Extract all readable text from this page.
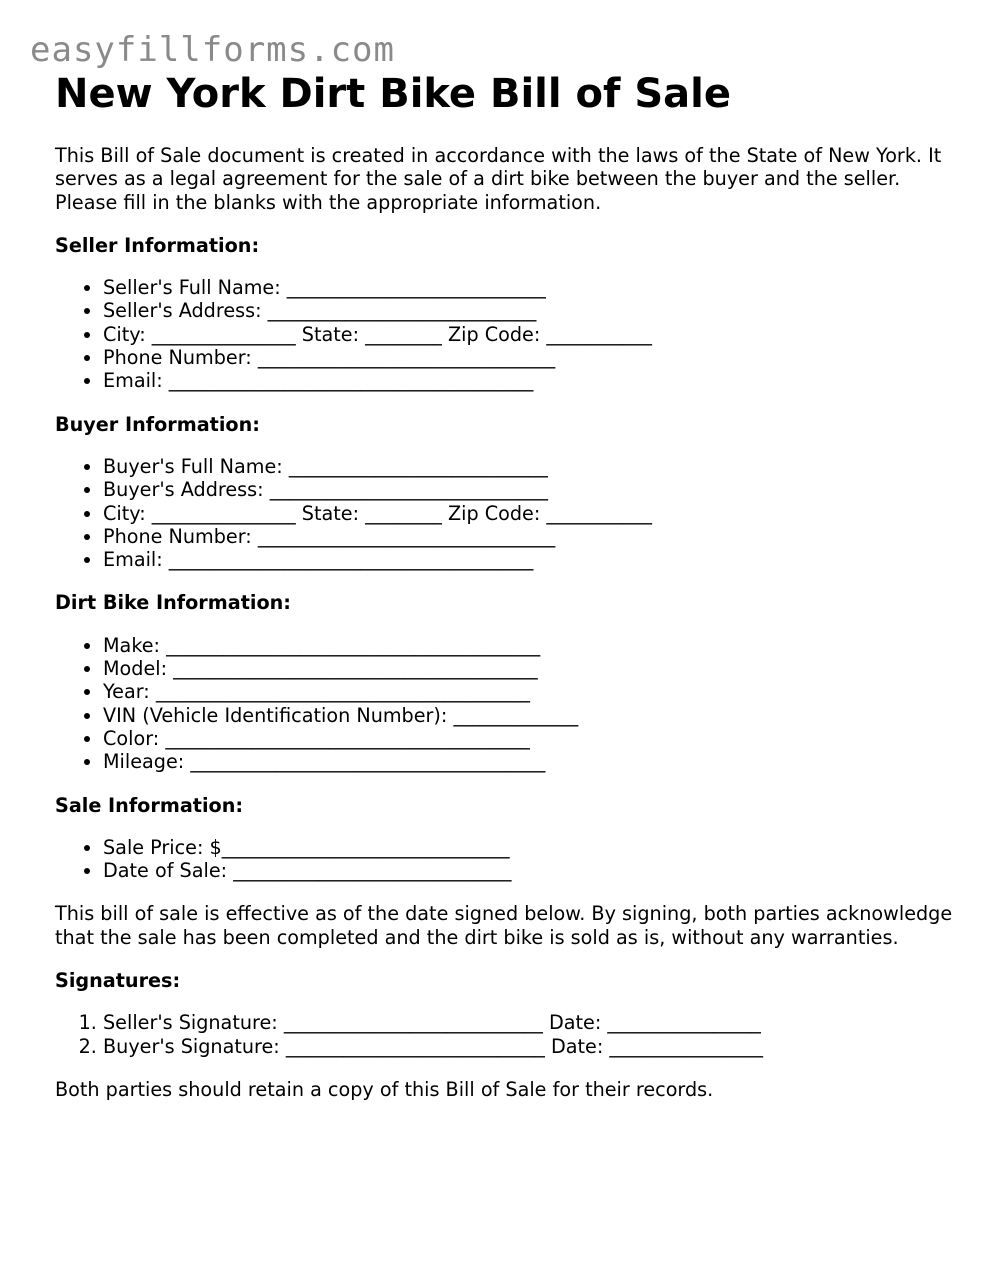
easyfillforms.com
New York Dirt Bike Bill of Sale

This Bill of Sale document is created in accordance with the laws of the State of New York. It serves as a legal agreement for the sale of a dirt bike between the buyer and the seller. Please fill in the blanks with the appropriate information.

Seller Information:
• Seller's Full Name: ___________________________
• Seller's Address: ____________________________
• City: _______________ State: ________ Zip Code: ___________
• Phone Number: _______________________________
• Email: ______________________________________
Buyer Information:
• Buyer's Full Name: ___________________________
• Buyer's Address: _____________________________
• City: _______________ State: ________ Zip Code: ___________
• Phone Number: _______________________________
• Email: ______________________________________
Dirt Bike Information:
• Make: _______________________________________
• Model: ______________________________________
• Year: _______________________________________
• VIN (Vehicle Identification Number): _____________
• Color: ______________________________________
• Mileage: _____________________________________
Sale Information:
• Sale Price: $______________________________
• Date of Sale: _____________________________

This bill of sale is effective as of the date signed below. By signing, both parties acknowledge that the sale has been completed and the dirt bike is sold as is, without any warranties.

Signatures:
1. Seller's Signature: ___________________________ Date: ________________
2. Buyer's Signature: ___________________________ Date: ________________

Both parties should retain a copy of this Bill of Sale for their records.
